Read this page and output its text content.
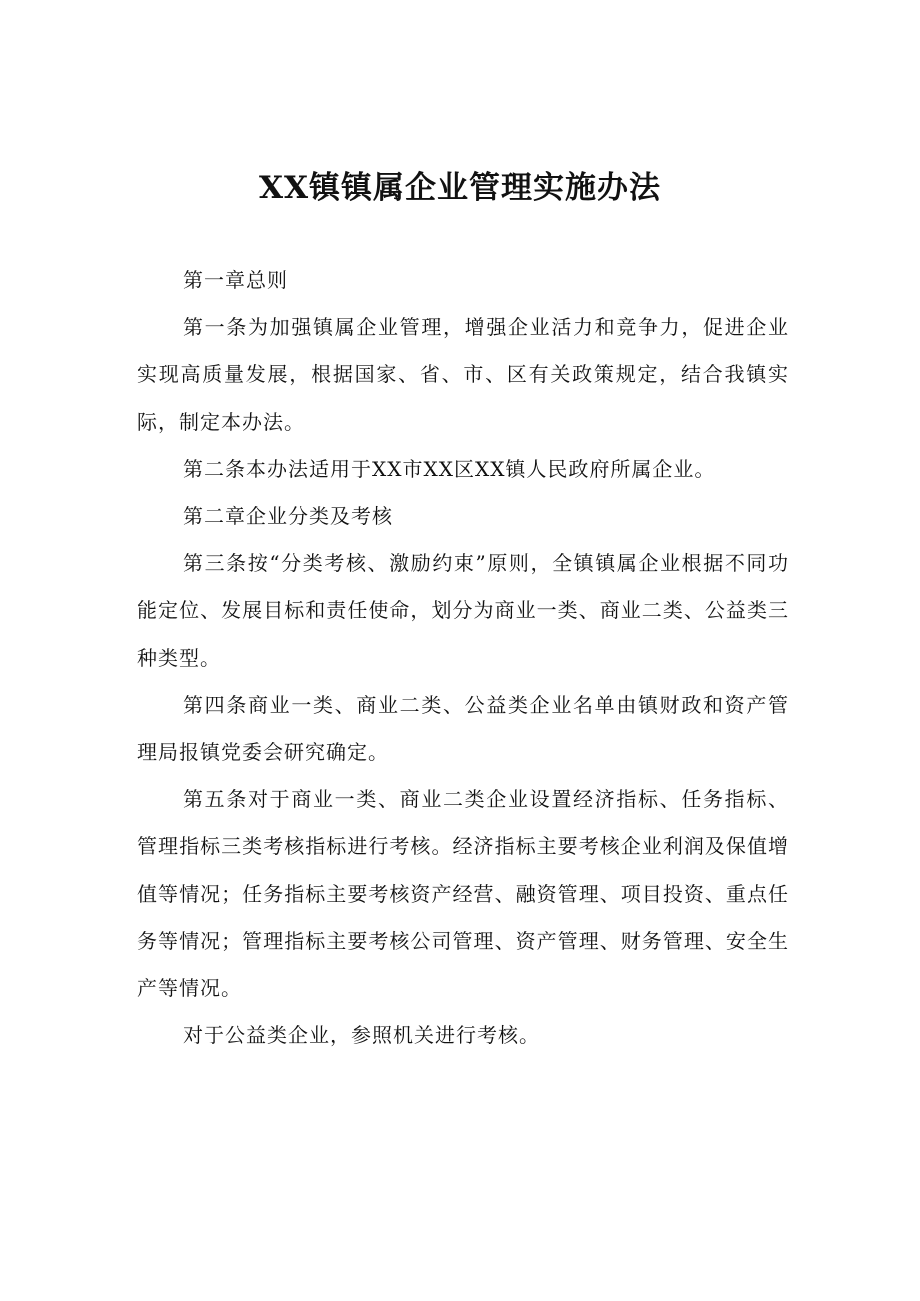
XX镇镇属企业管理实施办法

第一章总则

第一条为加强镇属企业管理，增强企业活力和竞争力，促进企业实现高质量发展，根据国家、省、市、区有关政策规定，结合我镇实际，制定本办法。

第二条本办法适用于XX市XX区XX镇人民政府所属企业。

第二章企业分类及考核

第三条按“分类考核、激励约束”原则，全镇镇属企业根据不同功能定位、发展目标和责任使命，划分为商业一类、商业二类、公益类三种类型。

第四条商业一类、商业二类、公益类企业名单由镇财政和资产管理局报镇党委会研究确定。

第五条对于商业一类、商业二类企业设置经济指标、任务指标、管理指标三类考核指标进行考核。经济指标主要考核企业利润及保值增值等情况；任务指标主要考核资产经营、融资管理、项目投资、重点任务等情况；管理指标主要考核公司管理、资产管理、财务管理、安全生产等情况。

对于公益类企业，参照机关进行考核。
